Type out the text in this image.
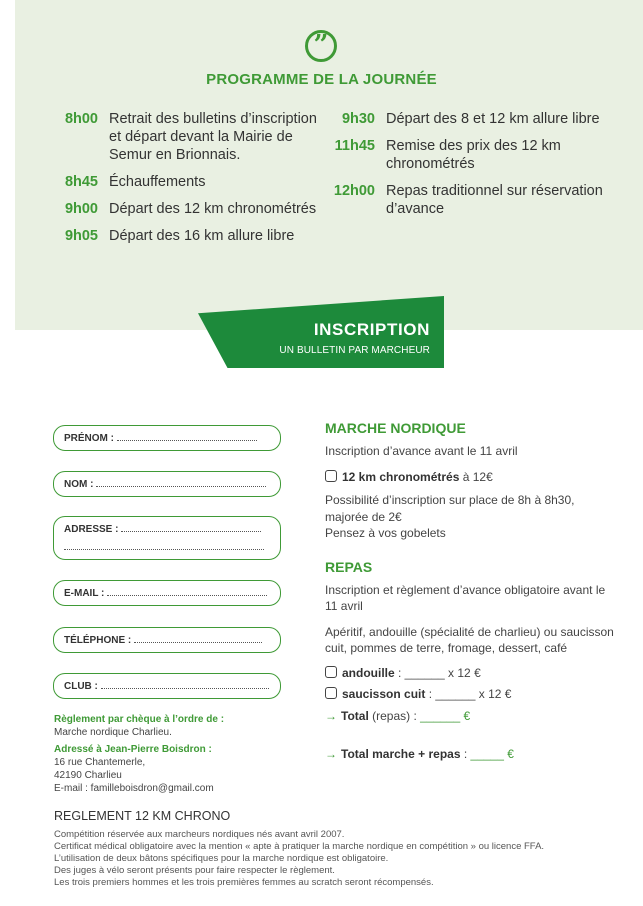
”
PROGRAMME DE LA JOURNÉE
8h00 Retrait des bulletins d’inscription et départ devant la Mairie de Semur en Brionnais.
8h45 Échauffements
9h00 Départ des 12 km chronométrés
9h05 Départ des 16 km allure libre
9h30 Départ des 8 et 12 km allure libre
11h45 Remise des prix des 12 km chronométrés
12h00 Repas traditionnel sur réservation d’avance
INSCRIPTION
UN BULLETIN PAR MARCHEUR
PRÉNOM :
NOM :
ADRESSE :
E-MAIL :
TÉLÉPHONE :
CLUB :
Règlement par chèque à l’ordre de :
Marche nordique Charlieu.
Adressé à Jean-Pierre Boisdron :
16 rue Chantemerle,
42190 Charlieu
E-mail : familleboisdron@gmail.com
MARCHE NORDIQUE
Inscription d’avance avant le 11 avril
12 km chronométrés à 12€
Possibilité d’inscription sur place de 8h à 8h30, majorée de 2€
Pensez à vos gobelets
REPAS
Inscription et règlement d’avance obligatoire avant le 11 avril
Apéritif, andouille (spécialité de charlieu) ou saucisson cuit, pommes de terre, fromage, dessert, café
andouille : ______ x 12 €
saucisson cuit : ______ x 12 €
→ Total (repas) : ______ €
→ Total marche + repas : _____ €
REGLEMENT 12 KM CHRONO
Compétition réservée aux marcheurs nordiques nés avant avril 2007.
Certificat médical obligatoire avec la mention « apte à pratiquer la marche nordique en compétition » ou licence FFA.
L’utilisation de deux bâtons spécifiques pour la marche nordique est obligatoire.
Des juges à vélo seront présents pour faire respecter le règlement.
Les trois premiers hommes et les trois premières femmes au scratch seront récompensés.
